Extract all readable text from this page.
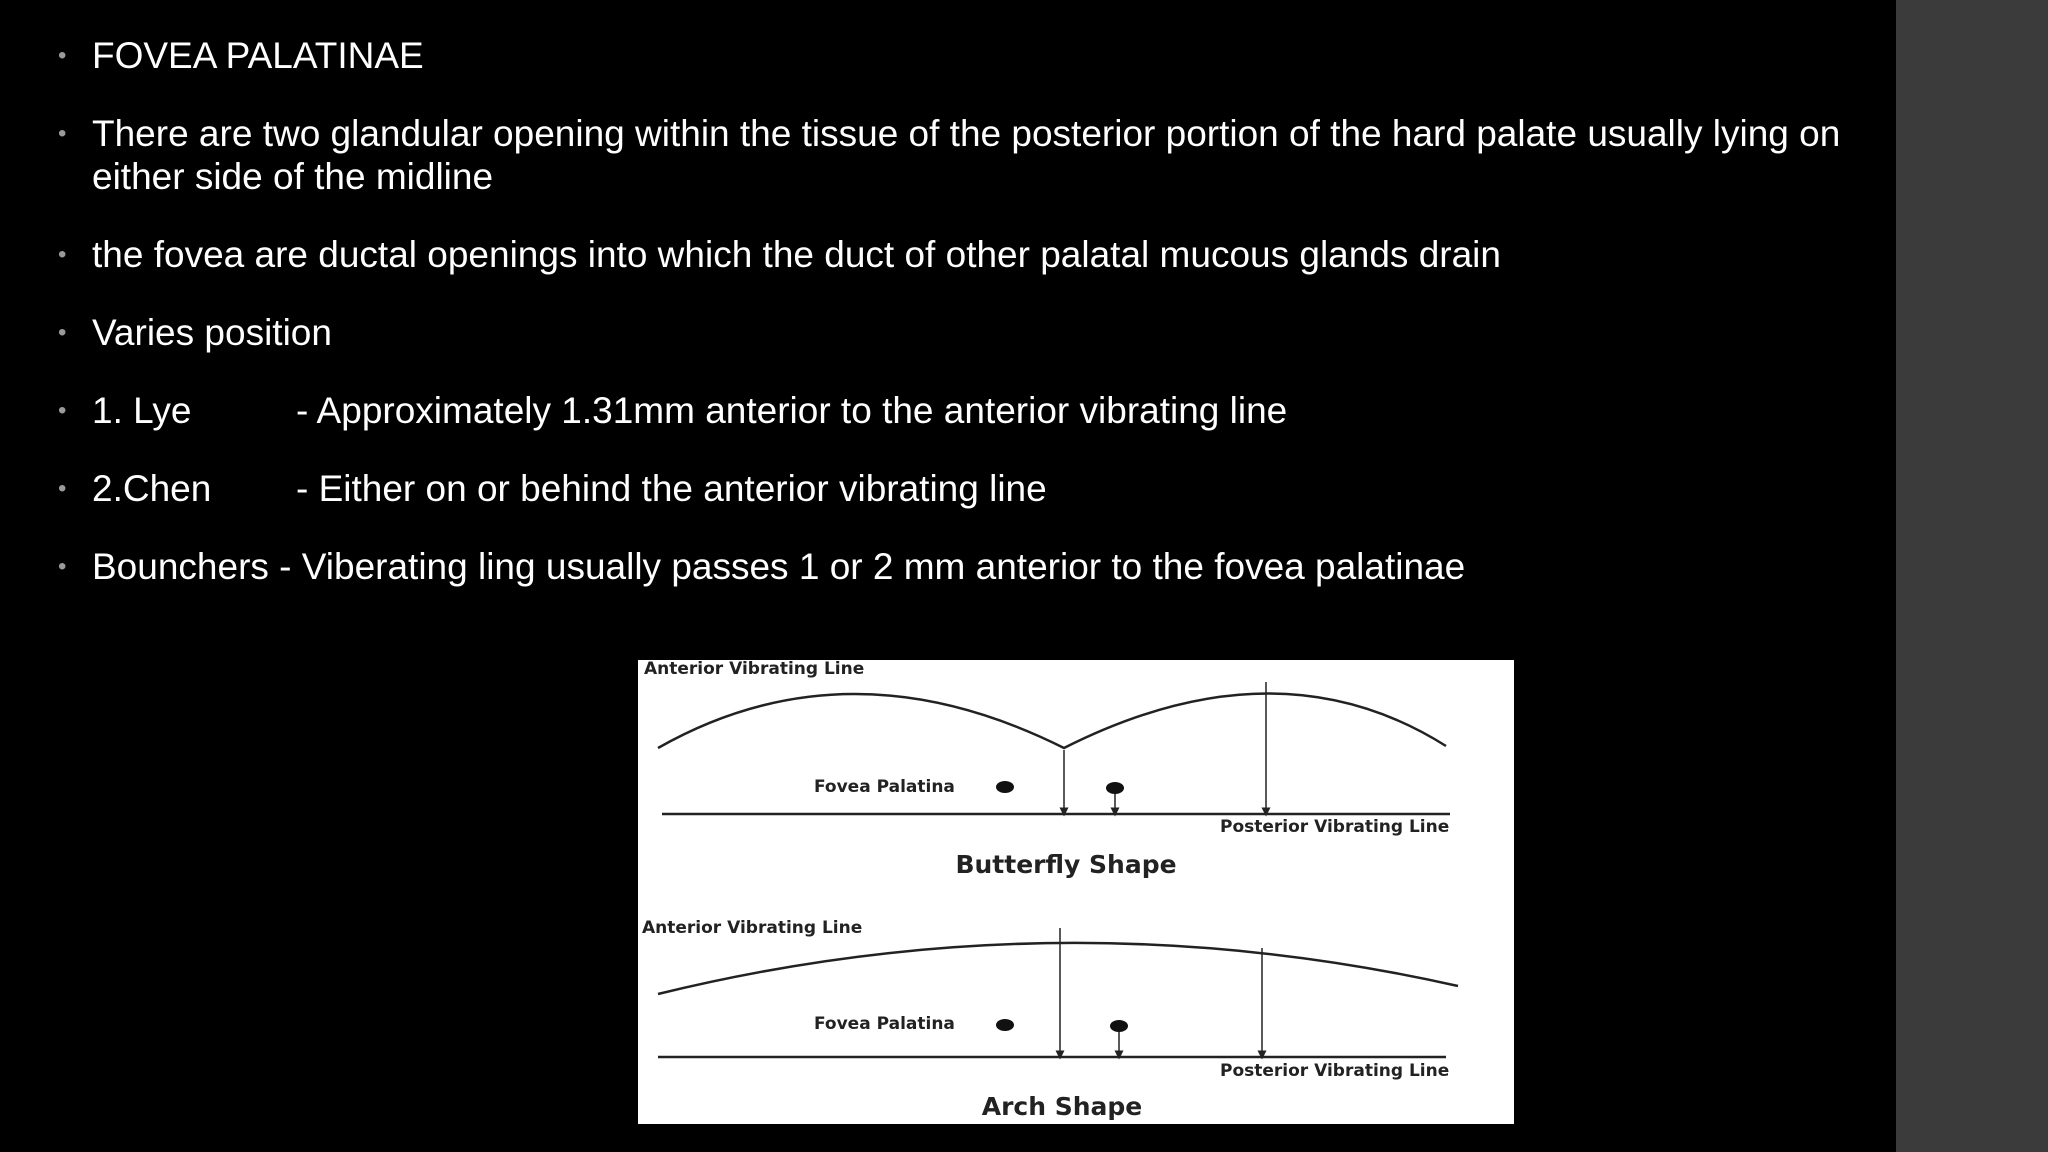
• FOVEA PALATINAE
• There are two glandular opening within the tissue of the posterior portion of the hard palate usually lying on either side of the midline
• the fovea are ductal openings into which the duct of other palatal mucous glands drain
• Varies position
• 1. Lye	- Approximately 1.31mm anterior to the anterior vibrating line
• 2.Chen - Either on or behind the anterior vibrating line
• Bounchers - Viberating ling usually passes 1 or 2 mm anterior to the fovea palatinae
Anterior Vibrating Line
Fovea Palatina
Posterior Vibrating Line
Butterfly Shape
Anterior Vibrating Line
Fovea Palatina
Posterior Vibrating Line
Arch Shape
